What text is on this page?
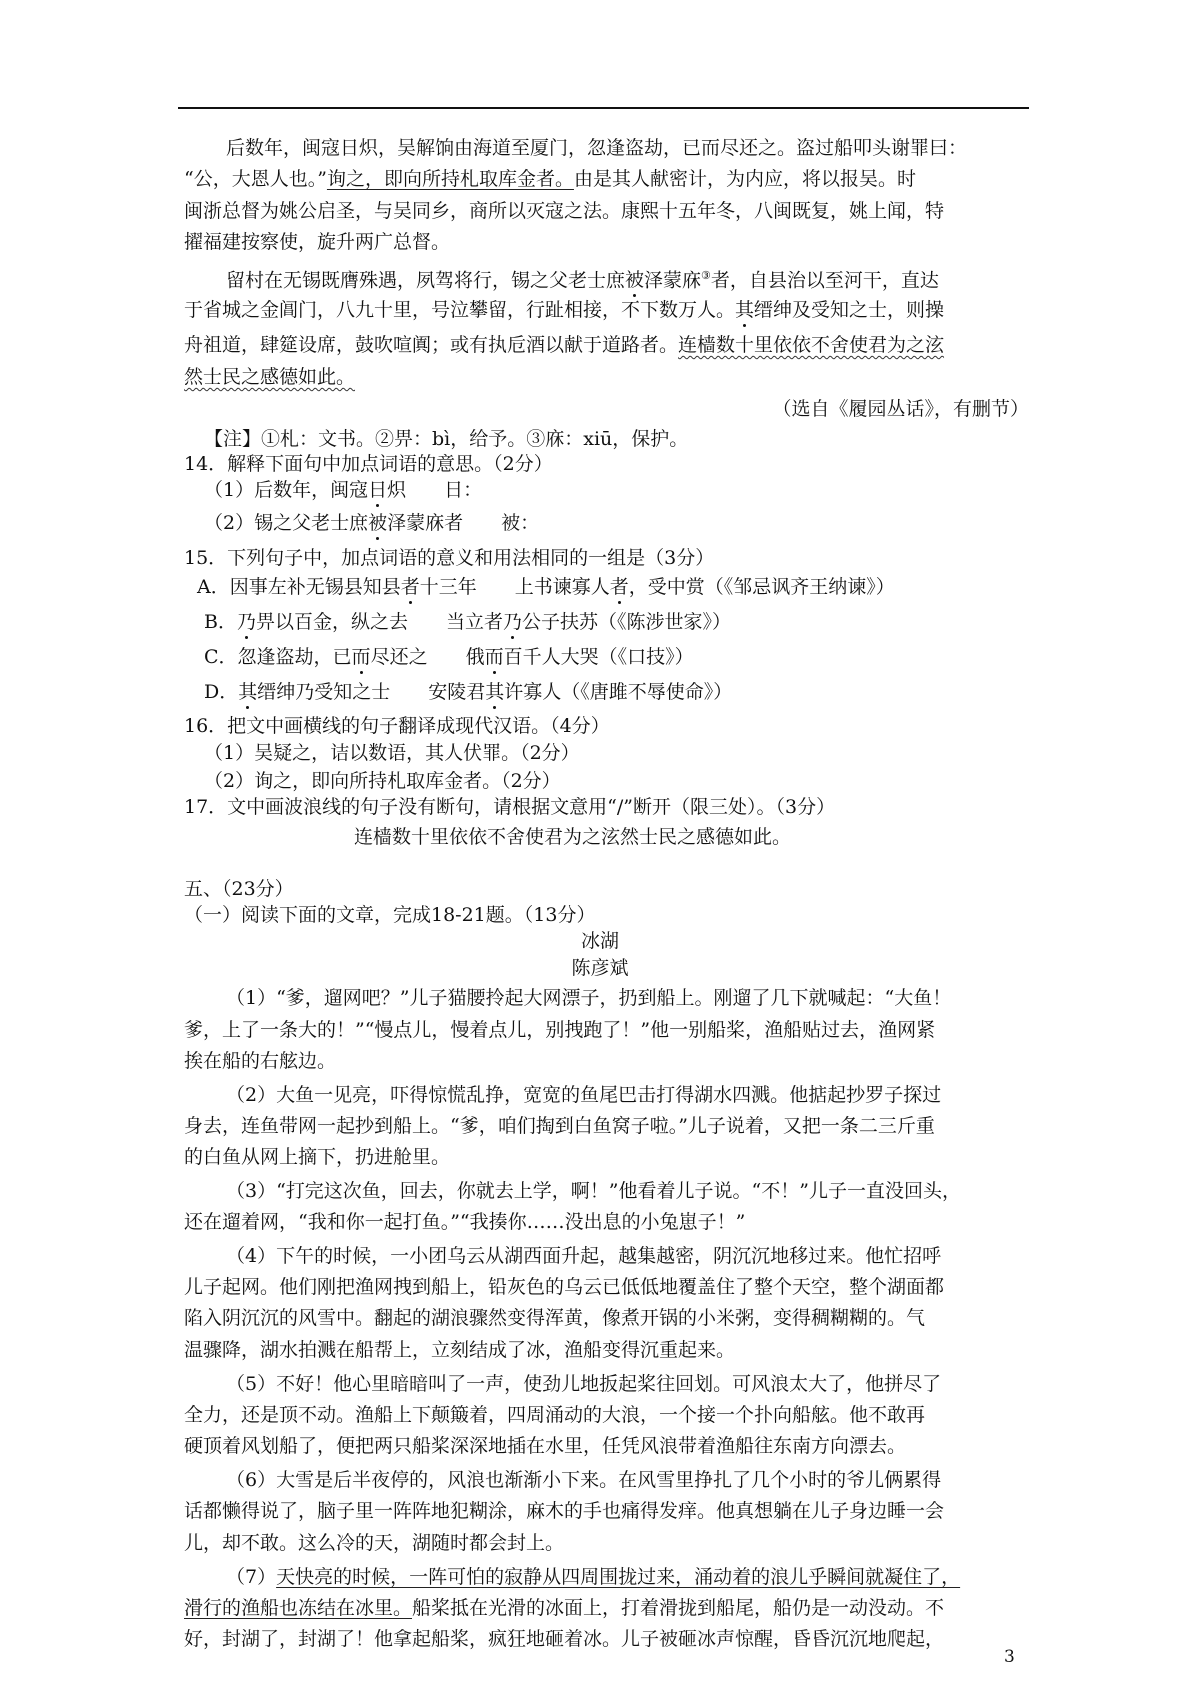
后数年，闽寇日炽，吴解饷由海道至厦门，忽逢盗劫，已而尽还之。盗过船叩头谢罪曰：
“公，大恩人也。”询之，即向所持札取库金者。由是其人献密计，为内应，将以报吴。时
闽浙总督为姚公启圣，与吴同乡，商所以灭寇之法。康熙十五年冬，八闽既复，姚上闻，特
擢福建按察使，旋升两广总督。
留村在无锡既膺殊遇，夙驾将行，锡之父老士庶被泽蒙庥③者，自县治以至河干，直达
于省城之金阊门，八九十里，号泣攀留，行趾相接，不下数万人。其缙绅及受知之士，则操
舟祖道，肆筵设席，鼓吹喧阗；或有执卮酒以献于道路者。连樯数十里依依不舍使君为之泫
然士民之感德如此。
（选自《履园丛话》，有删节）
【注】①札：文书。②畀：bì，给予。③庥：xiū，保护。
14．解释下面句中加点词语的意思。（2分）
（1）后数年，闽寇日炽　　日：
（2）锡之父老士庶被泽蒙庥者　　被：
15．下列句子中，加点词语的意义和用法相同的一组是（3分）
A．因事左补无锡县知县者十三年　　上书谏寡人者，受中赏（《邹忌讽齐王纳谏》）
B．乃畀以百金，纵之去　　当立者乃公子扶苏（《陈涉世家》）
C．忽逢盗劫，已而尽还之　　俄而百千人大哭（《口技》）
D．其缙绅乃受知之士　　安陵君其许寡人（《唐雎不辱使命》）
16．把文中画横线的句子翻译成现代汉语。（4分）
（1）吴疑之，诘以数语，其人伏罪。（2分）
（2）询之，即向所持札取库金者。（2分）
17．文中画波浪线的句子没有断句，请根据文意用“/”断开（限三处）。（3分）
连樯数十里依依不舍使君为之泫然士民之感德如此。
五、（23分）
（一）阅读下面的文章，完成18-21题。（13分）
冰湖
陈彦斌
（1）“爹，遛网吧？”儿子猫腰拎起大网漂子，扔到船上。刚遛了几下就喊起：“大鱼！
爹，上了一条大的！”“慢点儿，慢着点儿，别拽跑了！”他一别船桨，渔船贴过去，渔网紧
挨在船的右舷边。
（2）大鱼一见亮，吓得惊慌乱挣，宽宽的鱼尾巴击打得湖水四溅。他掂起抄罗子探过
身去，连鱼带网一起抄到船上。“爹，咱们掏到白鱼窝子啦。”儿子说着，又把一条二三斤重
的白鱼从网上摘下，扔进舱里。
（3）“打完这次鱼，回去，你就去上学，啊！”他看着儿子说。“不！”儿子一直没回头，
还在遛着网，“我和你一起打鱼。”“我揍你……没出息的小兔崽子！”
（4）下午的时候，一小团乌云从湖西面升起，越集越密，阴沉沉地移过来。他忙招呼
儿子起网。他们刚把渔网拽到船上，铅灰色的乌云已低低地覆盖住了整个天空，整个湖面都
陷入阴沉沉的风雪中。翻起的湖浪骤然变得浑黄，像煮开锅的小米粥，变得稠糊糊的。气
温骤降，湖水拍溅在船帮上，立刻结成了冰，渔船变得沉重起来。
（5）不好！他心里暗暗叫了一声，使劲儿地扳起桨往回划。可风浪太大了，他拼尽了
全力，还是顶不动。渔船上下颠簸着，四周涌动的大浪，一个接一个扑向船舷。他不敢再
硬顶着风划船了，便把两只船桨深深地插在水里，任凭风浪带着渔船往东南方向漂去。
（6）大雪是后半夜停的，风浪也渐渐小下来。在风雪里挣扎了几个小时的爷儿俩累得
话都懒得说了，脑子里一阵阵地犯糊涂，麻木的手也痛得发痒。他真想躺在儿子身边睡一会
儿，却不敢。这么冷的天，湖随时都会封上。
（7）天快亮的时候，一阵可怕的寂静从四周围拢过来，涌动着的浪儿乎瞬间就凝住了，
滑行的渔船也冻结在冰里。船桨抵在光滑的冰面上，打着滑拢到船尾，船仍是一动没动。不
好，封湖了，封湖了！他拿起船桨，疯狂地砸着冰。儿子被砸冰声惊醒，昏昏沉沉地爬起，
3
